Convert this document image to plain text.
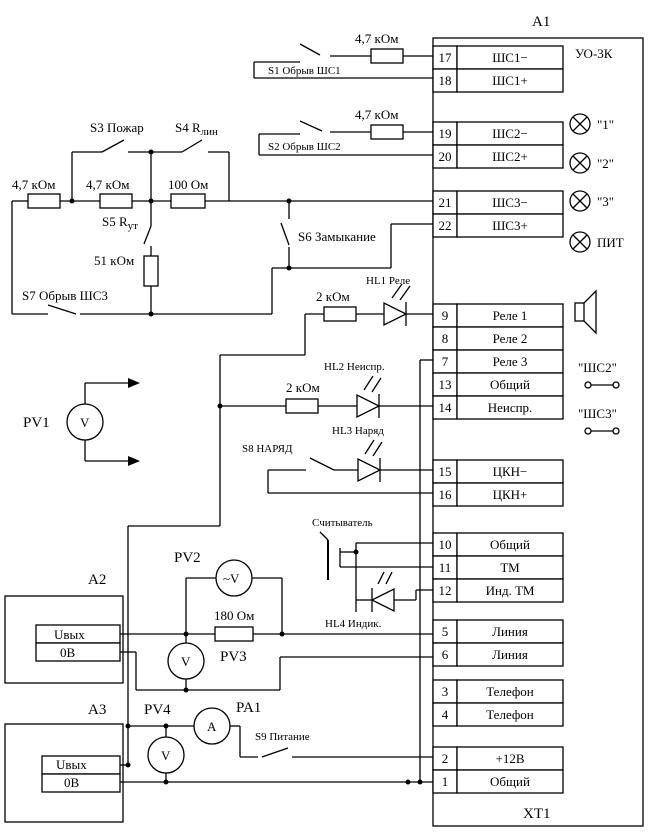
A1
УО-3К
XT1
17	ШС1−
18	ШС1+
19	ШС2−
20	ШС2+
21	ШС3−
22	ШС3+
9	Реле 1
8	Реле 2
7	Реле 3
13	Общий
14	Неиспр.
15	ЦКН−
16	ЦКН+
10	Общий
11	ТМ
12	Инд. ТМ
5	Линия
6	Линия
3	Телефон
4	Телефон
2	+12В
1	Общий
"1"
"2"
"3"
ПИТ
"ШС2"
"ШС3"
4,7 кОм
S1 Обрыв ШС1
4,7 кОм
S2 Обрыв ШС2
4,7 кОм 4,7 кОм	100 Ом
S3 Пожар S4 $R_{лин}$
S5 $R_{ут}$
51 кОм
S7 Обрыв ШС3
S6 Замыкание
2 кОм
HL1 Реле
2 кОм
HL2 Неиспр.
V
PV1	HL3 Наряд
S8 НАРЯД
Считыватель
HL4 Индик.
A2
Uвых
0В
180 Ом
~V
PV2
V PV3
A3
Uвых
0В
A
PA1
S9 Питание
V
PV4
